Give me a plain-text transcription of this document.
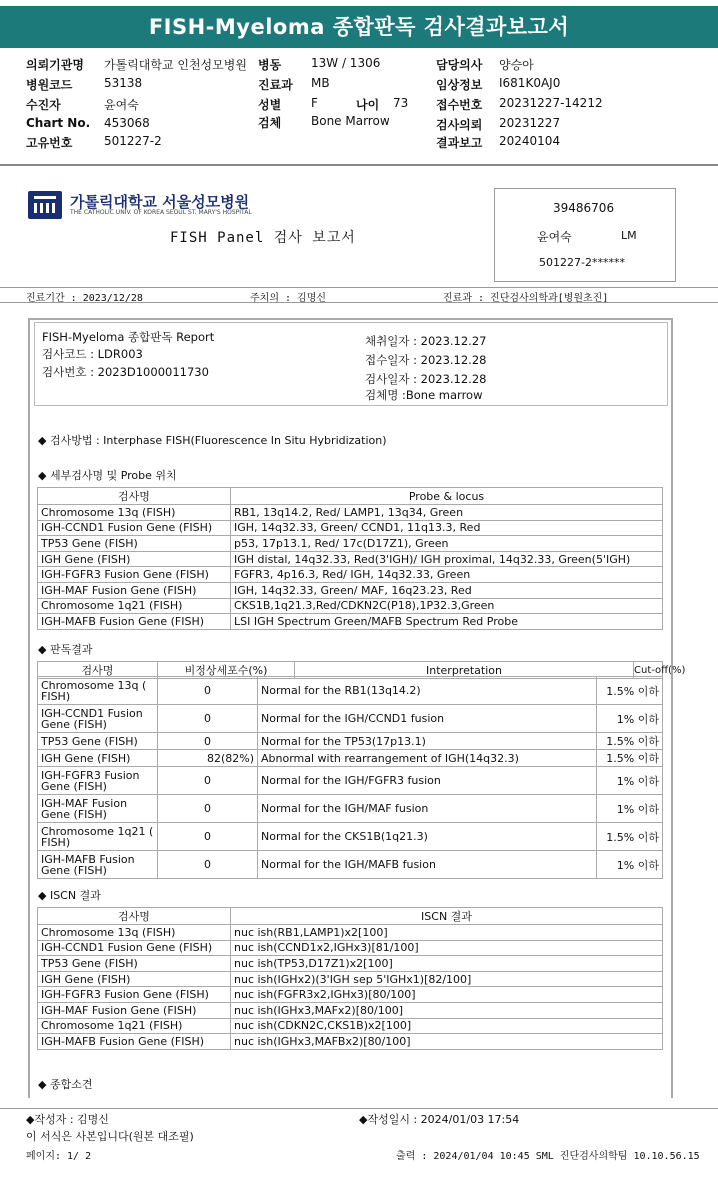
FISH-Myeloma 종합판독 검사결과보고서
의뢰기관명 가톨릭대학교 인천성모병원 병동 13W / 1306	담당의사 양승아
병원코드	53138	진료과 MB	임상정보 I681K0AJ0
수진자	윤여숙	성별 F	나이 73 접수번호 20231227-14212
Chart No. 453068	검체 Bone Marrow	검사의뢰 20231227
고유번호	501227-2	결과보고 20240104
가톨릭대학교 서울성모병원
THE CATHOLIC UNIV. OF KOREA SEOUL ST. MARY'S HOSPITAL
FISH Panel 검사 보고서
39486706
윤여숙	LM
501227-2******
진료기간 : 2023/12/28	주치의 : 김명신	진료과 : 진단검사의학과[병원초진]
FISH-Myeloma 종합판독 Report
검사코드 : LDR003
검사번호 : 2023D1000011730
채취일자 : 2023.12.27
접수일자 : 2023.12.28
검사일자 : 2023.12.28
검체명 :Bone marrow
◆ 검사방법 : Interphase FISH(Fluorescence In Situ Hybridization)
◆ 세부검사명 및 Probe 위치
검사명	Probe & locus
Chromosome 13q (FISH)	RB1, 13q14.2, Red/ LAMP1, 13q34, Green
IGH-CCND1 Fusion Gene (FISH)	IGH, 14q32.33, Green/ CCND1, 11q13.3, Red
TP53 Gene (FISH)	p53, 17p13.1, Red/ 17c(D17Z1), Green
IGH Gene (FISH)	IGH distal, 14q32.33, Red(3'IGH)/ IGH proximal, 14q32.33, Green(5'IGH)
IGH-FGFR3 Fusion Gene (FISH)	FGFR3, 4p16.3, Red/ IGH, 14q32.33, Green
IGH-MAF Fusion Gene (FISH)	IGH, 14q32.33, Green/ MAF, 16q23.23, Red
Chromosome 1q21 (FISH)	CKS1B,1q21.3,Red/CDKN2C(P18),1P32.3,Green
IGH-MAFB Fusion Gene (FISH)	LSI IGH Spectrum Green/MAFB Spectrum Red Probe
◆ 판독결과
검사명	비정상세포수(%)	Interpretation	Cut-off(%)
Chromosome 13q ( FISH)	0	Normal for the RB1(13q14.2)	1.5% 이하
IGH-CCND1 Fusion Gene (FISH)	0	Normal for the IGH/CCND1 fusion	1% 이하
TP53 Gene (FISH)	0	Normal for the TP53(17p13.1)	1.5% 이하
IGH Gene (FISH)	82(82%)	Abnormal with rearrangement of IGH(14q32.3)	1.5% 이하
IGH-FGFR3 Fusion Gene (FISH)	0	Normal for the IGH/FGFR3 fusion	1% 이하
IGH-MAF Fusion Gene (FISH)	0	Normal for the IGH/MAF fusion	1% 이하
Chromosome 1q21 ( FISH)	0	Normal for the CKS1B(1q21.3)	1.5% 이하
IGH-MAFB Fusion Gene (FISH)	0	Normal for the IGH/MAFB fusion	1% 이하
◆ ISCN 결과
검사명	ISCN 결과
Chromosome 13q (FISH)	nuc ish(RB1,LAMP1)x2[100]
IGH-CCND1 Fusion Gene (FISH)	nuc ish(CCND1x2,IGHx3)[81/100]
TP53 Gene (FISH)	nuc ish(TP53,D17Z1)x2[100]
IGH Gene (FISH)	nuc ish(IGHx2)(3'IGH sep 5'IGHx1)[82/100]
IGH-FGFR3 Fusion Gene (FISH)	nuc ish(FGFR3x2,IGHx3)[80/100]
IGH-MAF Fusion Gene (FISH)	nuc ish(IGHx3,MAFx2)[80/100]
Chromosome 1q21 (FISH)	nuc ish(CDKN2C,CKS1B)x2[100]
IGH-MAFB Fusion Gene (FISH)	nuc ish(IGHx3,MAFBx2)[80/100]
◆ 종합소견
◆작성자 : 김명신	◆작성일시 : 2024/01/03 17:54
이 서식은 사본입니다(원본 대조필)
페이지: 1/ 2	출력 : 2024/01/04 10:45 SML 진단검사의학팀 10.10.56.15
